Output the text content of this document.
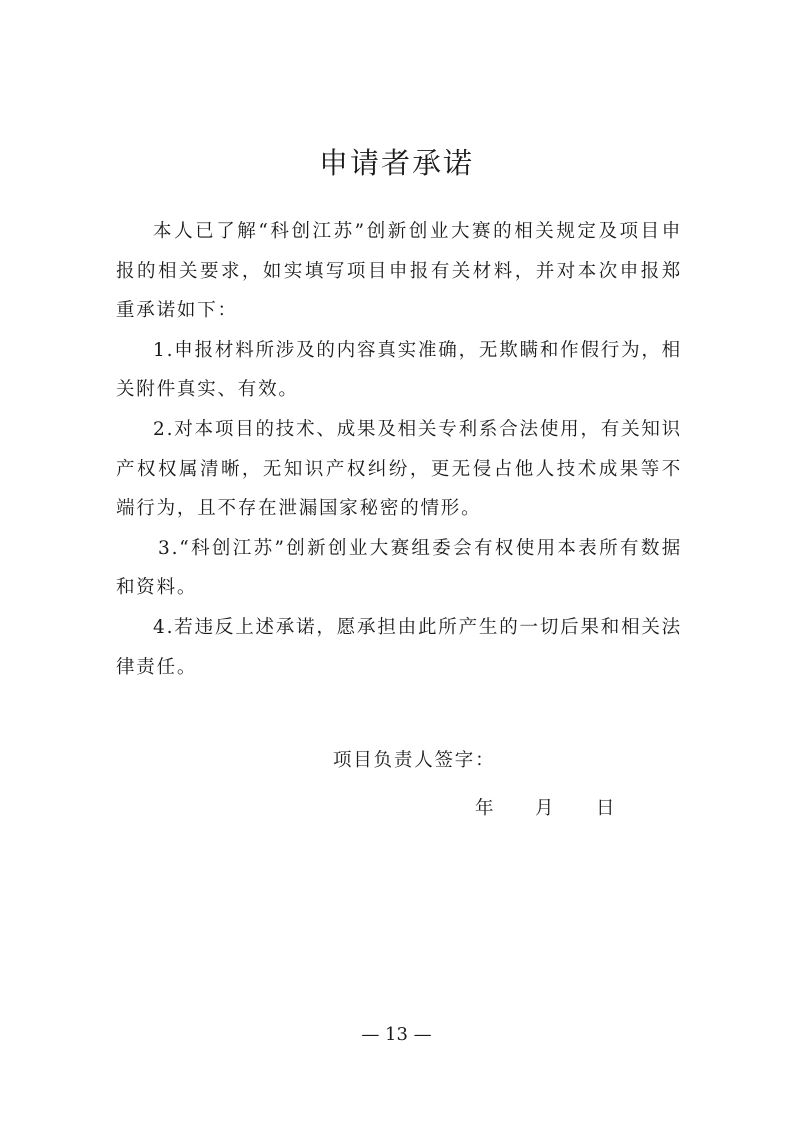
申请者承诺

本人已了解“科创江苏”创新创业大赛的相关规定及项目申报的相关要求，如实填写项目申报有关材料，并对本次申报郑重承诺如下：

1.申报材料所涉及的内容真实准确，无欺瞒和作假行为，相关附件真实、有效。

2.对本项目的技术、成果及相关专利系合法使用，有关知识产权权属清晰，无知识产权纠纷，更无侵占他人技术成果等不端行为，且不存在泄漏国家秘密的情形。

3.“科创江苏”创新创业大赛组委会有权使用本表所有数据和资料。

4.若违反上述承诺，愿承担由此所产生的一切后果和相关法律责任。

项目负责人签字：
年 月 日
— 13 —
